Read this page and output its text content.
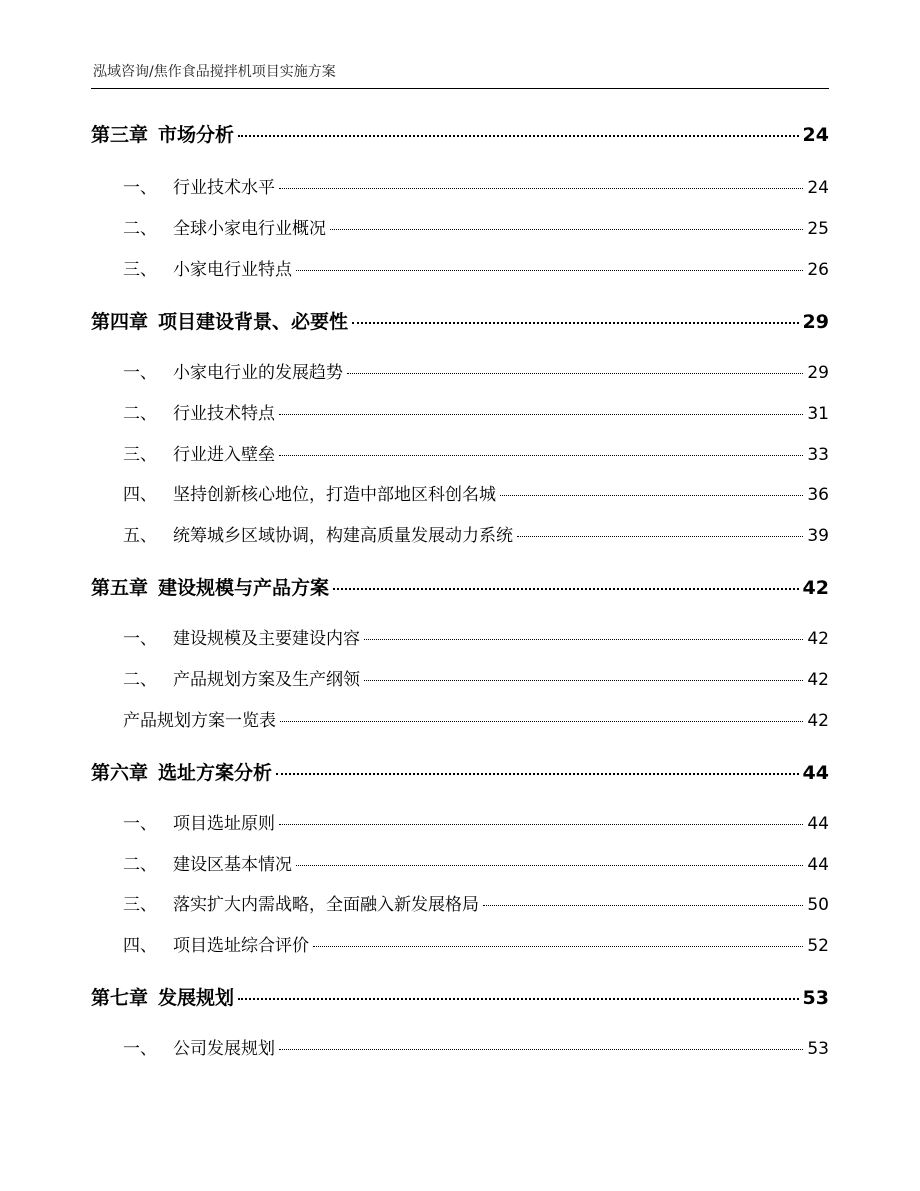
泓域咨询/焦作食品搅拌机项目实施方案
第三章 市场分析	24
一、 行业技术水平	24
二、 全球小家电行业概况	25
三、 小家电行业特点	26
第四章 项目建设背景、必要性	29
一、 小家电行业的发展趋势	29
二、 行业技术特点	31
三、 行业进入壁垒	33
四、 坚持创新核心地位，打造中部地区科创名城	36
五、 统筹城乡区域协调，构建高质量发展动力系统	39
第五章 建设规模与产品方案	42
一、 建设规模及主要建设内容	42
二、 产品规划方案及生产纲领	42
产品规划方案一览表	42
第六章 选址方案分析	44
一、 项目选址原则	44
二、 建设区基本情况	44
三、 落实扩大内需战略，全面融入新发展格局	50
四、 项目选址综合评价	52
第七章 发展规划	53
一、 公司发展规划	53
